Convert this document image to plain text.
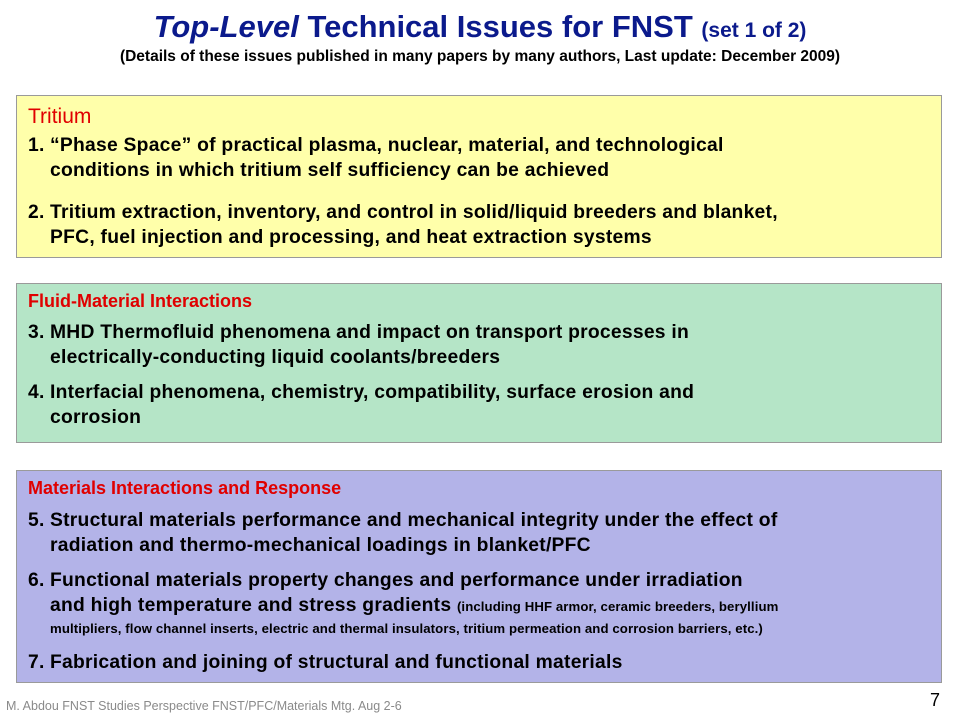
Top-Level Technical Issues for FNST (set 1 of 2)
(Details of these issues published in many papers by many authors, Last update: December 2009)
Tritium
1. “Phase Space” of practical plasma, nuclear, material, and technological
conditions in which tritium self sufficiency can be achieved
2. Tritium extraction, inventory, and control in solid/liquid breeders and blanket,
PFC, fuel injection and processing, and heat extraction systems
Fluid-Material Interactions
3. MHD Thermofluid phenomena and impact on transport processes in
electrically-conducting liquid coolants/breeders
4. Interfacial phenomena, chemistry, compatibility, surface erosion and
corrosion
Materials Interactions and Response
5. Structural materials performance and mechanical integrity under the effect of
radiation and thermo-mechanical loadings in blanket/PFC
6. Functional materials property changes and performance under irradiation
and high temperature and stress gradients (including HHF armor, ceramic breeders, beryllium
multipliers, flow channel inserts, electric and thermal insulators, tritium permeation and corrosion barriers, etc.)
7. Fabrication and joining of structural and functional materials
M. Abdou FNST Studies Perspective FNST/PFC/Materials Mtg. Aug 2-6	7
